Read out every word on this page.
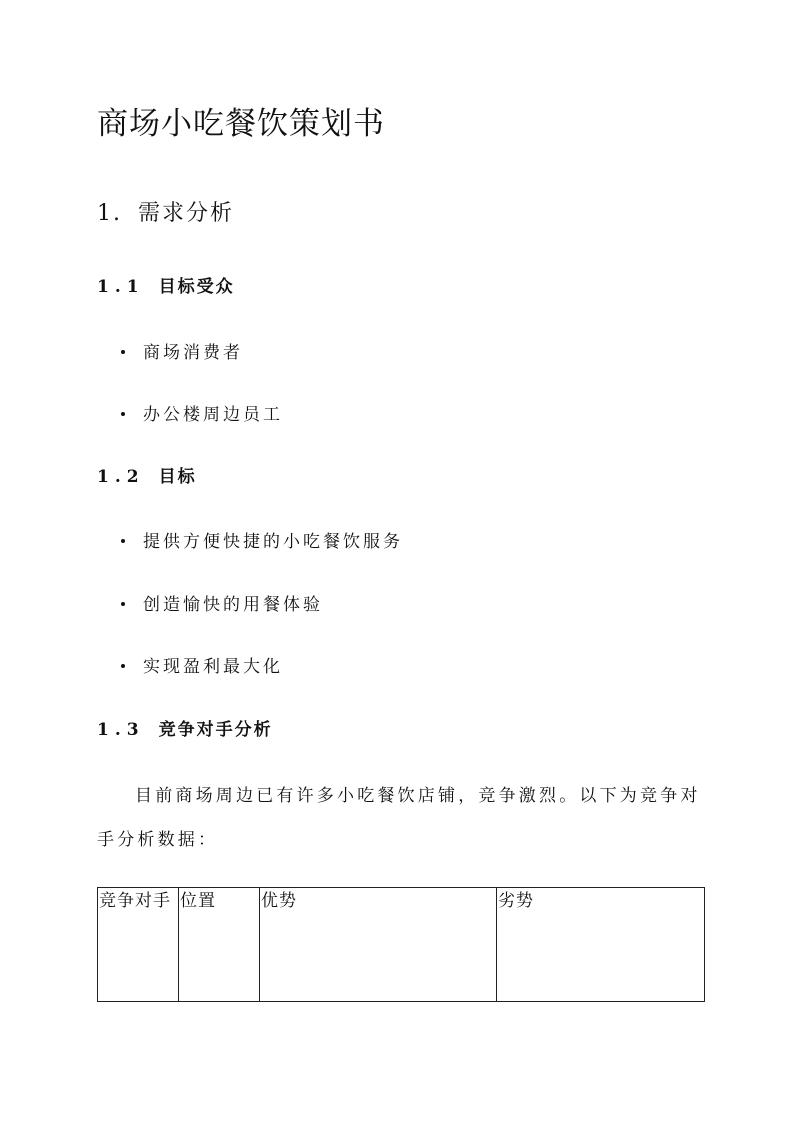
商场小吃餐饮策划书
1. 需求分析
1.1 目标受众

商场消费者

办公楼周边员工

1.2 目标

提供方便快捷的小吃餐饮服务

创造愉快的用餐体验

实现盈利最大化

1.3 竞争对手分析

目前商场周边已有许多小吃餐饮店铺，竞争激烈。以下为竞争对手分析数据：

竞争对手	位置	优势	劣势
